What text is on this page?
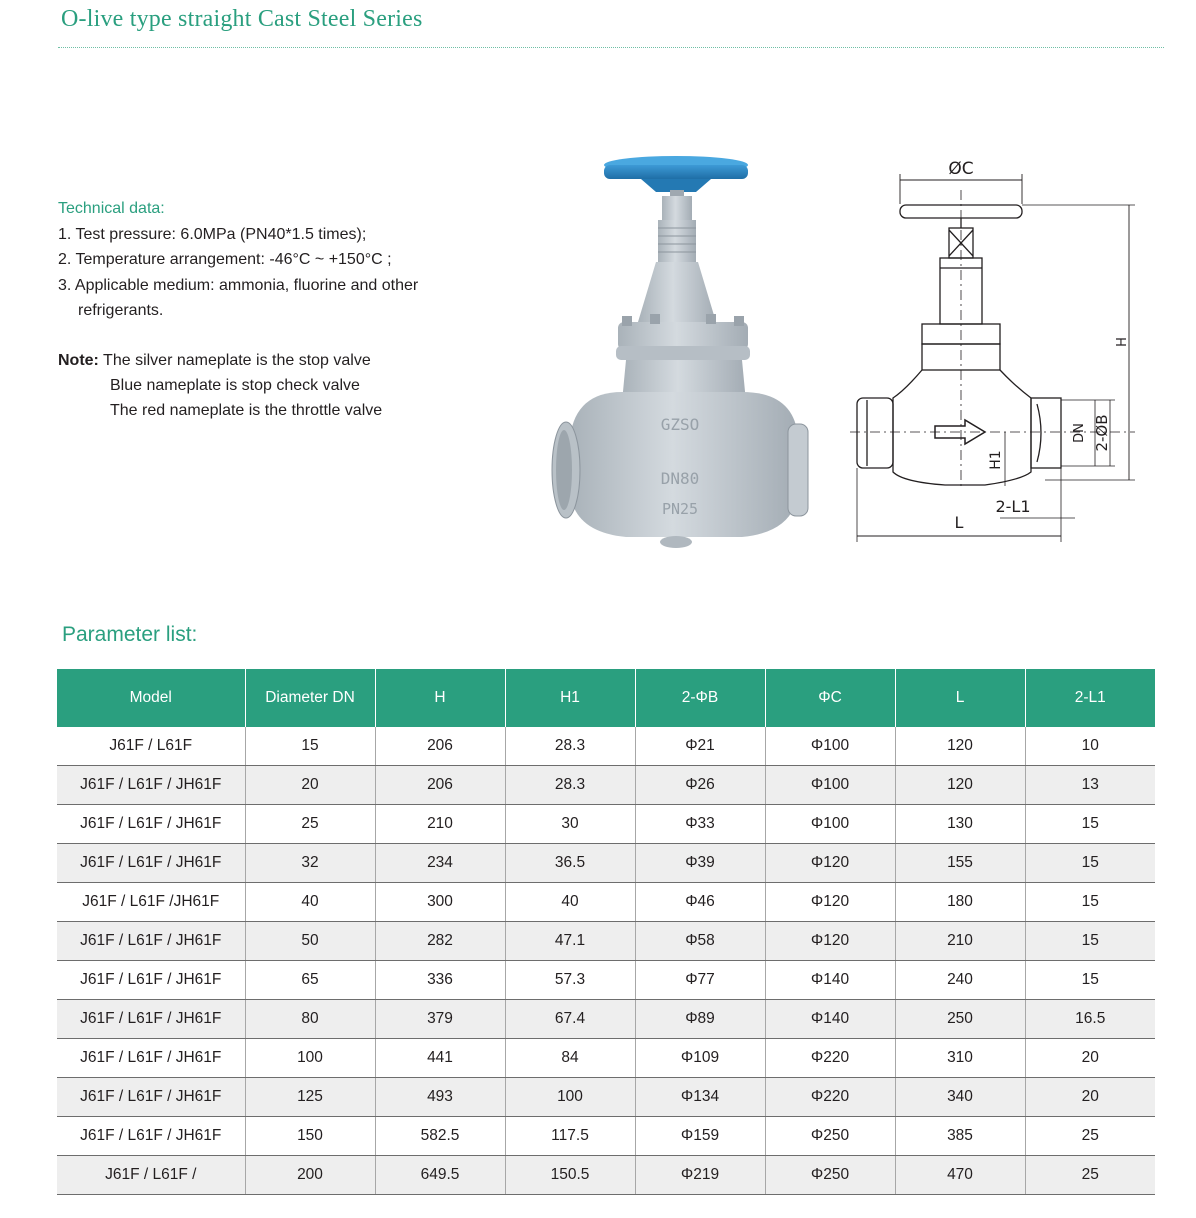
O-live type straight Cast Steel Series
Technical data:
1. Test pressure: 6.0MPa (PN40*1.5 times);
2. Temperature arrangement: -46°C ~ +150°C ;
3. Applicable medium: ammonia, fluorine and other
refrigerants.
Note: The silver nameplate is the stop valve
Blue nameplate is stop check valve
The red nameplate is the throttle valve
GZSO
DN80
PN25
ØC
H
DN 2-ØB
H1
L
2-L1
Parameter list:
Model	Diameter DN	H	H1	2-ΦB	ΦC	L	2-L1
J61F / L61F	15	206	28.3	Φ21	Φ100	120	10
J61F / L61F / JH61F	20	206	28.3	Φ26	Φ100	120	13
J61F / L61F / JH61F	25	210	30	Φ33	Φ100	130	15
J61F / L61F / JH61F	32	234	36.5	Φ39	Φ120	155	15
J61F / L61F /JH61F	40	300	40	Φ46	Φ120	180	15
J61F / L61F / JH61F	50	282	47.1	Φ58	Φ120	210	15
J61F / L61F / JH61F	65	336	57.3	Φ77	Φ140	240	15
J61F / L61F / JH61F	80	379	67.4	Φ89	Φ140	250	16.5
J61F / L61F / JH61F	100	441	84	Φ109	Φ220	310	20
J61F / L61F / JH61F	125	493	100	Φ134	Φ220	340	20
J61F / L61F / JH61F	150	582.5	117.5	Φ159	Φ250	385	25
J61F / L61F /	200	649.5	150.5	Φ219	Φ250	470	25
